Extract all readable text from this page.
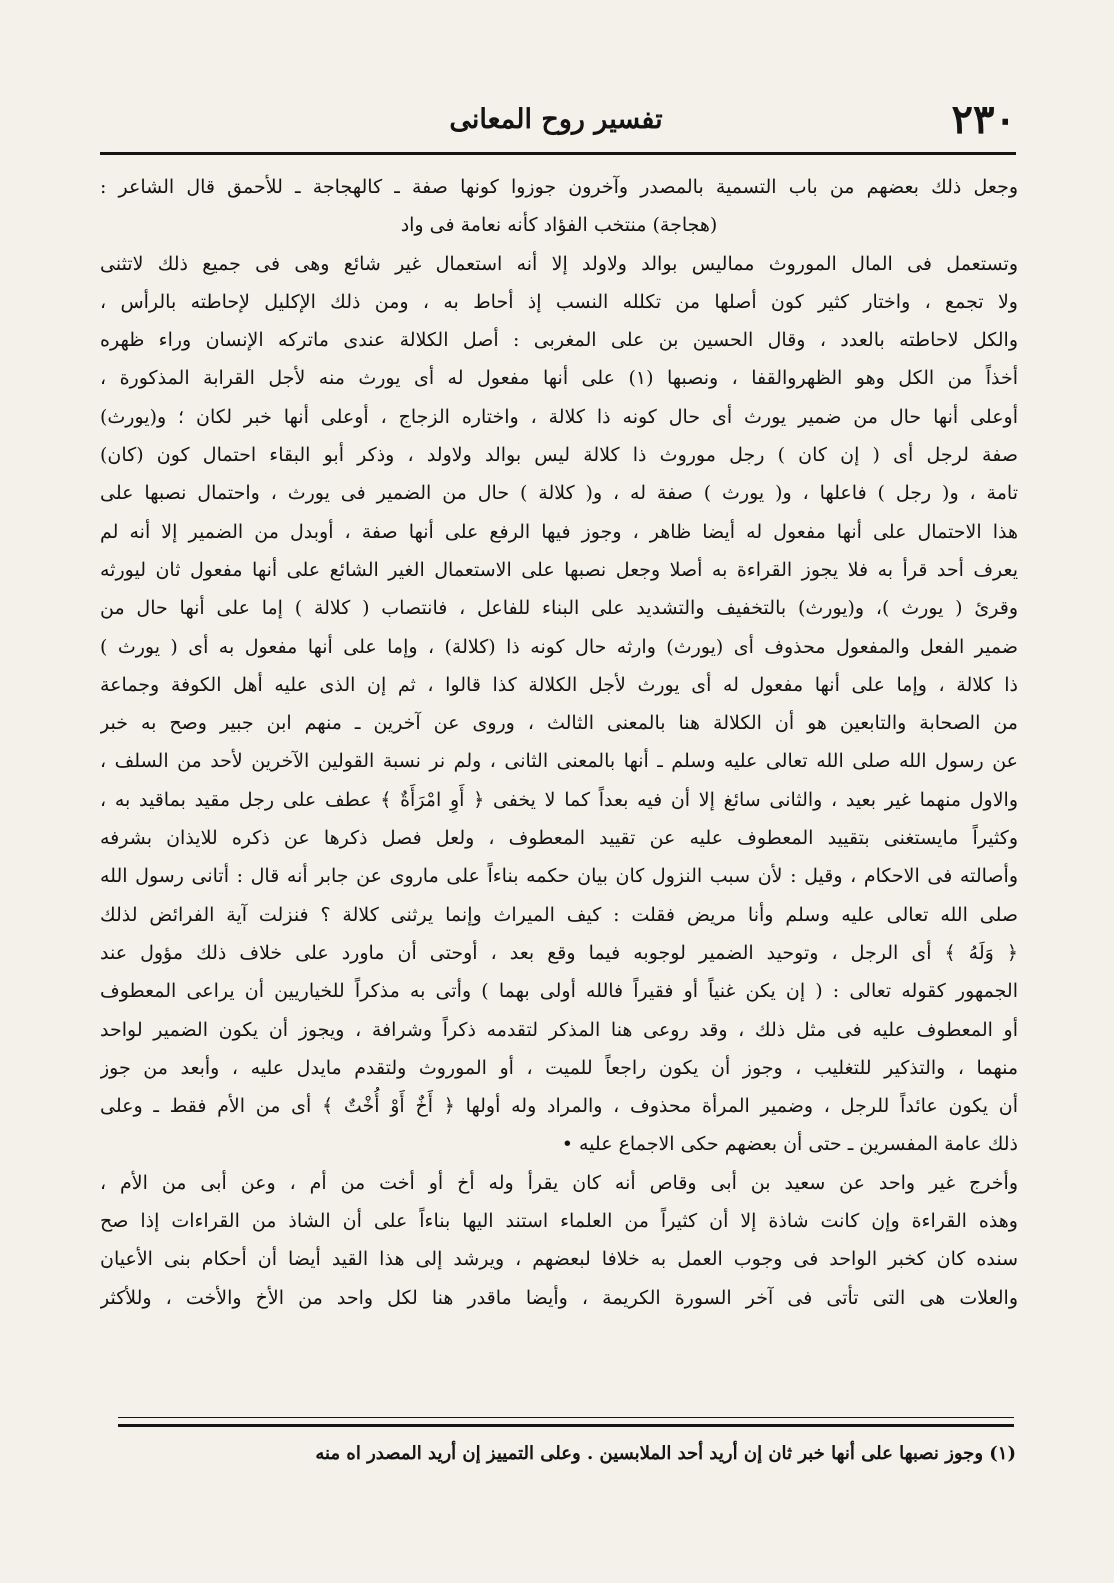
٢٣٠
تفسير روح المعانى
وجعل ذلك بعضهم من باب التسمية بالمصدر وآخرون جوزوا كونها صفة ـ كالهجاجة ـ للأحمق قال الشاعر :
(هجاجة) منتخب الفؤاد كأنه نعامة فى واد
وتستعمل فى المال الموروث مماليس بوالد ولاولد إلا أنه استعمال غير شائع وهى فى جميع ذلك لاتثنى
ولا تجمع ، واختار كثير كون أصلها من تكلله النسب إذ أحاط به ، ومن ذلك الإكليل لإحاطته بالرأس ،
والكل لاحاطته بالعدد ، وقال الحسين بن على المغربى : أصل الكلالة عندى ماتركه الإنسان وراء ظهره
أخذاً من الكل وهو الظهروالقفا ، ونصبها (١) على أنها مفعول له أى يورث منه لأجل القرابة المذكورة ،
أوعلى أنها حال من ضمير يورث أى حال كونه ذا كلالة ، واختاره الزجاج ، أوعلى أنها خبر لكان ؛ و(يورث)
صفة لرجل أى ( إن كان ) رجل موروث ذا كلالة ليس بوالد ولاولد ، وذكر أبو البقاء احتمال كون (كان)
تامة ، و( رجل ) فاعلها ، و( يورث ) صفة له ، و( كلالة ) حال من الضمير فى يورث ، واحتمال نصبها على
هذا الاحتمال على أنها مفعول له أيضا ظاهر ، وجوز فيها الرفع على أنها صفة ، أوبدل من الضمير إلا أنه لم
يعرف أحد قرأ به فلا يجوز القراءة به أصلا وجعل نصبها على الاستعمال الغير الشائع على أنها مفعول ثان ليورثه
وقرئ ( يورث )، و(يورث) بالتخفيف والتشديد على البناء للفاعل ، فانتصاب ( كلالة ) إما على أنها حال من
ضمير الفعل والمفعول محذوف أى (يورث) وارثه حال كونه ذا (كلالة) ، وإما على أنها مفعول به أى ( يورث )
ذا كلالة ، وإما على أنها مفعول له أى يورث لأجل الكلالة كذا قالوا ، ثم إن الذى عليه أهل الكوفة وجماعة
من الصحابة والتابعين هو أن الكلالة هنا بالمعنى الثالث ، وروى عن آخرين ـ منهم ابن جبير وصح به خبر
عن رسول الله صلى الله تعالى عليه وسلم ـ أنها بالمعنى الثانى ، ولم نر نسبة القولين الآخرين لأحد من السلف ،
والاول منهما غير بعيد ، والثانى سائغ إلا أن فيه بعداً كما لا يخفى ﴿ أَوِ امْرَأَةٌ ﴾ عطف على رجل مقيد بماقيد به ،
وكثيراً مايستغنى بتقييد المعطوف عليه عن تقييد المعطوف ، ولعل فصل ذكرها عن ذكره للايذان بشرفه
وأصالته فى الاحكام ، وقيل : لأن سبب النزول كان بيان حكمه بناءاً على ماروى عن جابر أنه قال : أتانى رسول الله
صلى الله تعالى عليه وسلم وأنا مريض فقلت : كيف الميراث وإنما يرثنى كلالة ؟ فنزلت آية الفرائض لذلك
﴿ وَلَهُ ﴾ أى الرجل ، وتوحيد الضمير لوجوبه فيما وقع بعد ، أوحتى أن ماورد على خلاف ذلك مؤول عند
الجمهور كقوله تعالى : ( إن يكن غنياً أو فقيراً فالله أولى بهما ) وأتى به مذكراً للخياريين أن يراعى المعطوف
أو المعطوف عليه فى مثل ذلك ، وقد روعى هنا المذكر لتقدمه ذكراً وشرافة ، ويجوز أن يكون الضمير لواحد
منهما ، والتذكير للتغليب ، وجوز أن يكون راجعاً للميت ، أو الموروث ولتقدم مايدل عليه ، وأبعد من جوز
أن يكون عائداً للرجل ، وضمير المرأة محذوف ، والمراد وله أولها ﴿ أَخٌ أَوْ أُخْتٌ ﴾ أى من الأم فقط ـ وعلى
ذلك عامة المفسرين ـ حتى أن بعضهم حكى الاجماع عليه •
وأخرج غير واحد عن سعيد بن أبى وقاص أنه كان يقرأ وله أخ أو أخت من أم ، وعن أبى من الأم ،
وهذه القراءة وإن كانت شاذة إلا أن كثيراً من العلماء استند اليها بناءاً على أن الشاذ من القراءات إذا صح
سنده كان كخبر الواحد فى وجوب العمل به خلافا لبعضهم ، ويرشد إلى هذا القيد أيضا أن أحكام بنى الأعيان
والعلات هى التى تأتى فى آخر السورة الكريمة ، وأيضا ماقدر هنا لكل واحد من الأخ والأخت ، وللأكثر
(١) وجوز نصبها على أنها خبر ثان إن أريد أحد الملابسين . وعلى التمييز إن أريد المصدر اه منه
